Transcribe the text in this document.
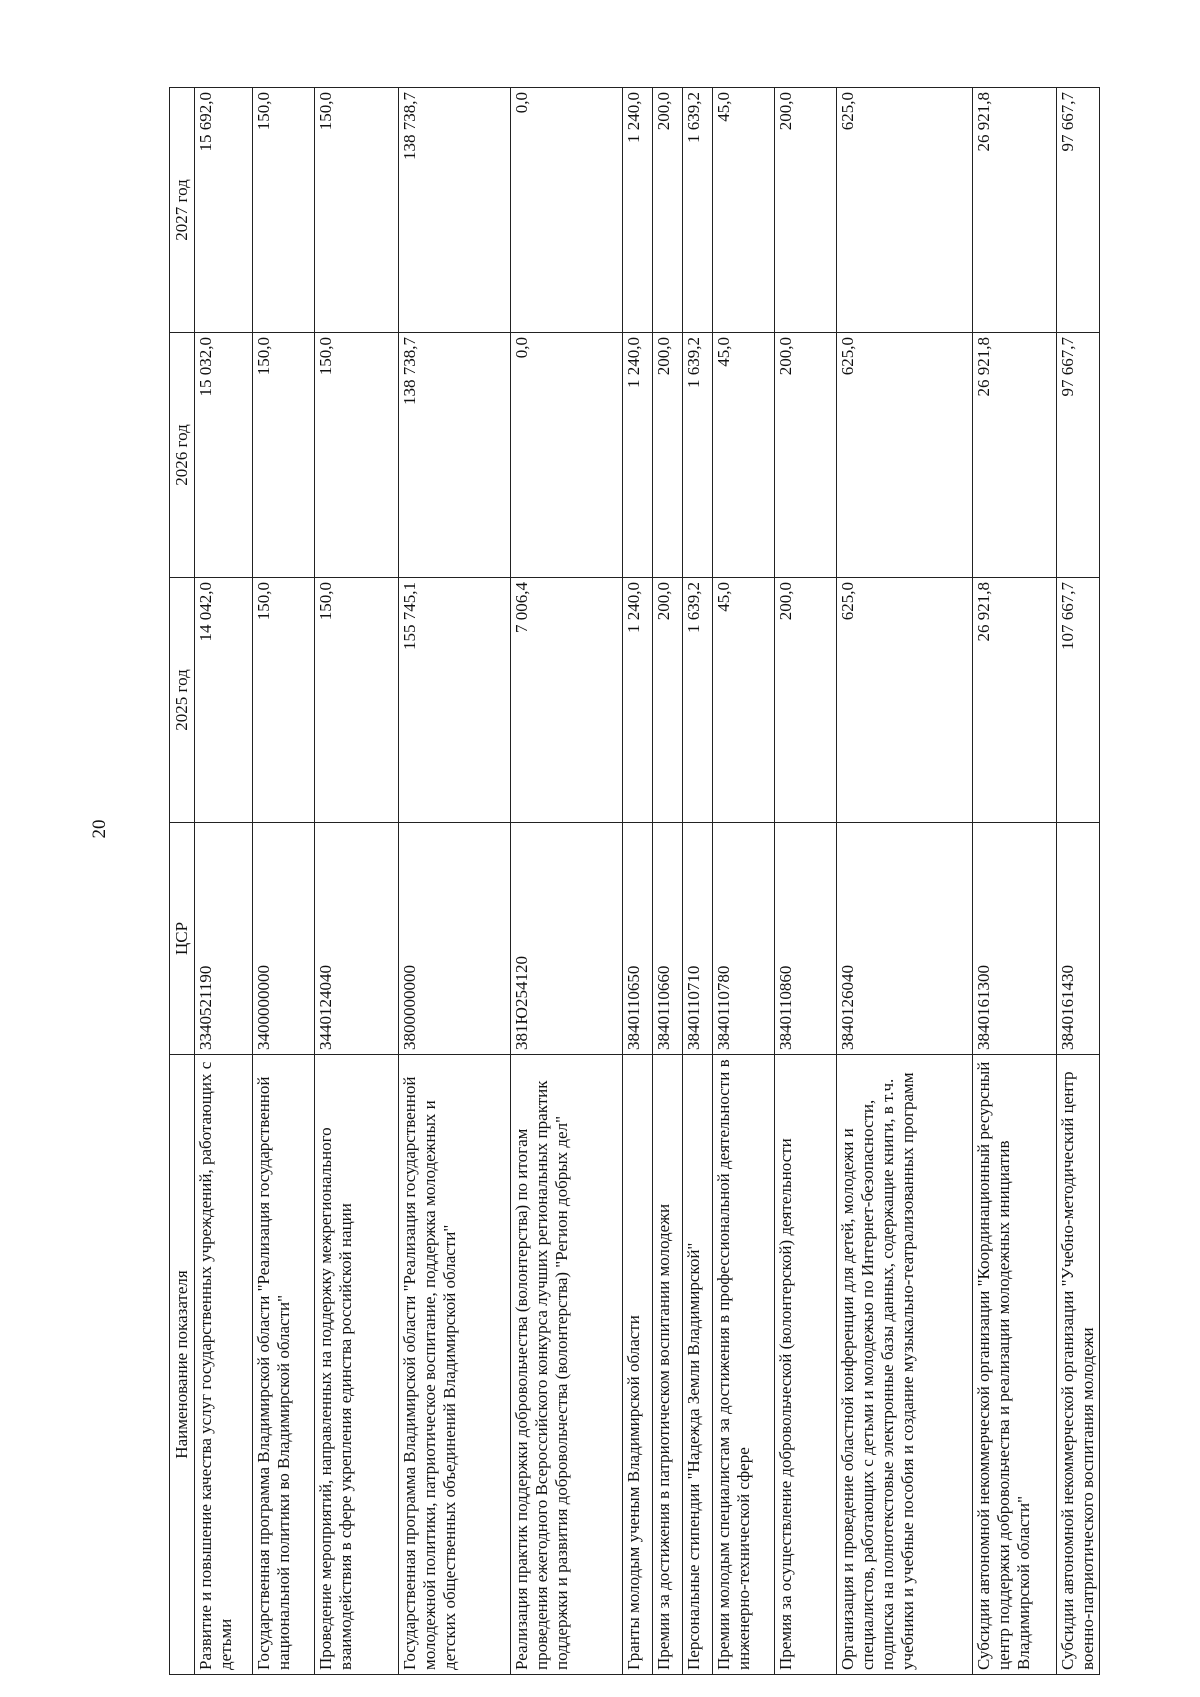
20
Наименование показателя	ЦСР	2025 год	2026 год	2027 год
Развитие и повышение качества услуг государственных учреждений, работающих с детьми	3340521190	14 042,0	15 032,0	15 692,0
Государственная программа Владимирской области "Реализация государственной национальной политики во Владимирской области"	3400000000	150,0	150,0	150,0
Проведение мероприятий, направленных на поддержку межрегионального взаимодействия в сфере укрепления единства российской нации	3440124040	150,0	150,0	150,0
Государственная программа Владимирской области "Реализация государственной молодежной политики, патриотическое воспитание, поддержка молодежных и детских общественных объединений Владимирской области"	3800000000	155 745,1	138 738,7	138 738,7
Реализация практик поддержки добровольчества (волонтерства) по итогам проведения ежегодного Всероссийского конкурса лучших региональных практик поддержки и развития добровольчества (волонтерства) "Регион добрых дел"	381Ю254120	7 006,4	0,0	0,0
Гранты молодым ученым Владимирской области	3840110650	1 240,0	1 240,0	1 240,0
Премии за достижения в патриотическом воспитании молодежи	3840110660	200,0	200,0	200,0
Персональные стипендии "Надежда Земли Владимирской"	3840110710	1 639,2	1 639,2	1 639,2
Премии молодым специалистам за достижения в профессиональной деятельности в инженерно-технической сфере	3840110780	45,0	45,0	45,0
Премия за осуществление добровольческой (волонтерской) деятельности	3840110860	200,0	200,0	200,0
Организация и проведение областной конференции для детей, молодежи и специалистов, работающих с детьми и молодежью по Интернет-безопасности, подписка на полнотекстовые электронные базы данных, содержащие книги, в т.ч. учебники и учебные пособия и создание музыкально-театрализованных программ	3840126040	625,0	625,0	625,0
Субсидии автономной некоммерческой организации "Координационный ресурсный центр поддержки добровольчества и реализации молодежных инициатив Владимирской области"	3840161300	26 921,8	26 921,8	26 921,8
Субсидии автономной некоммерческой организации "Учебно-методический центр военно-патриотического воспитания молодежи	3840161430	107 667,7	97 667,7	97 667,7
